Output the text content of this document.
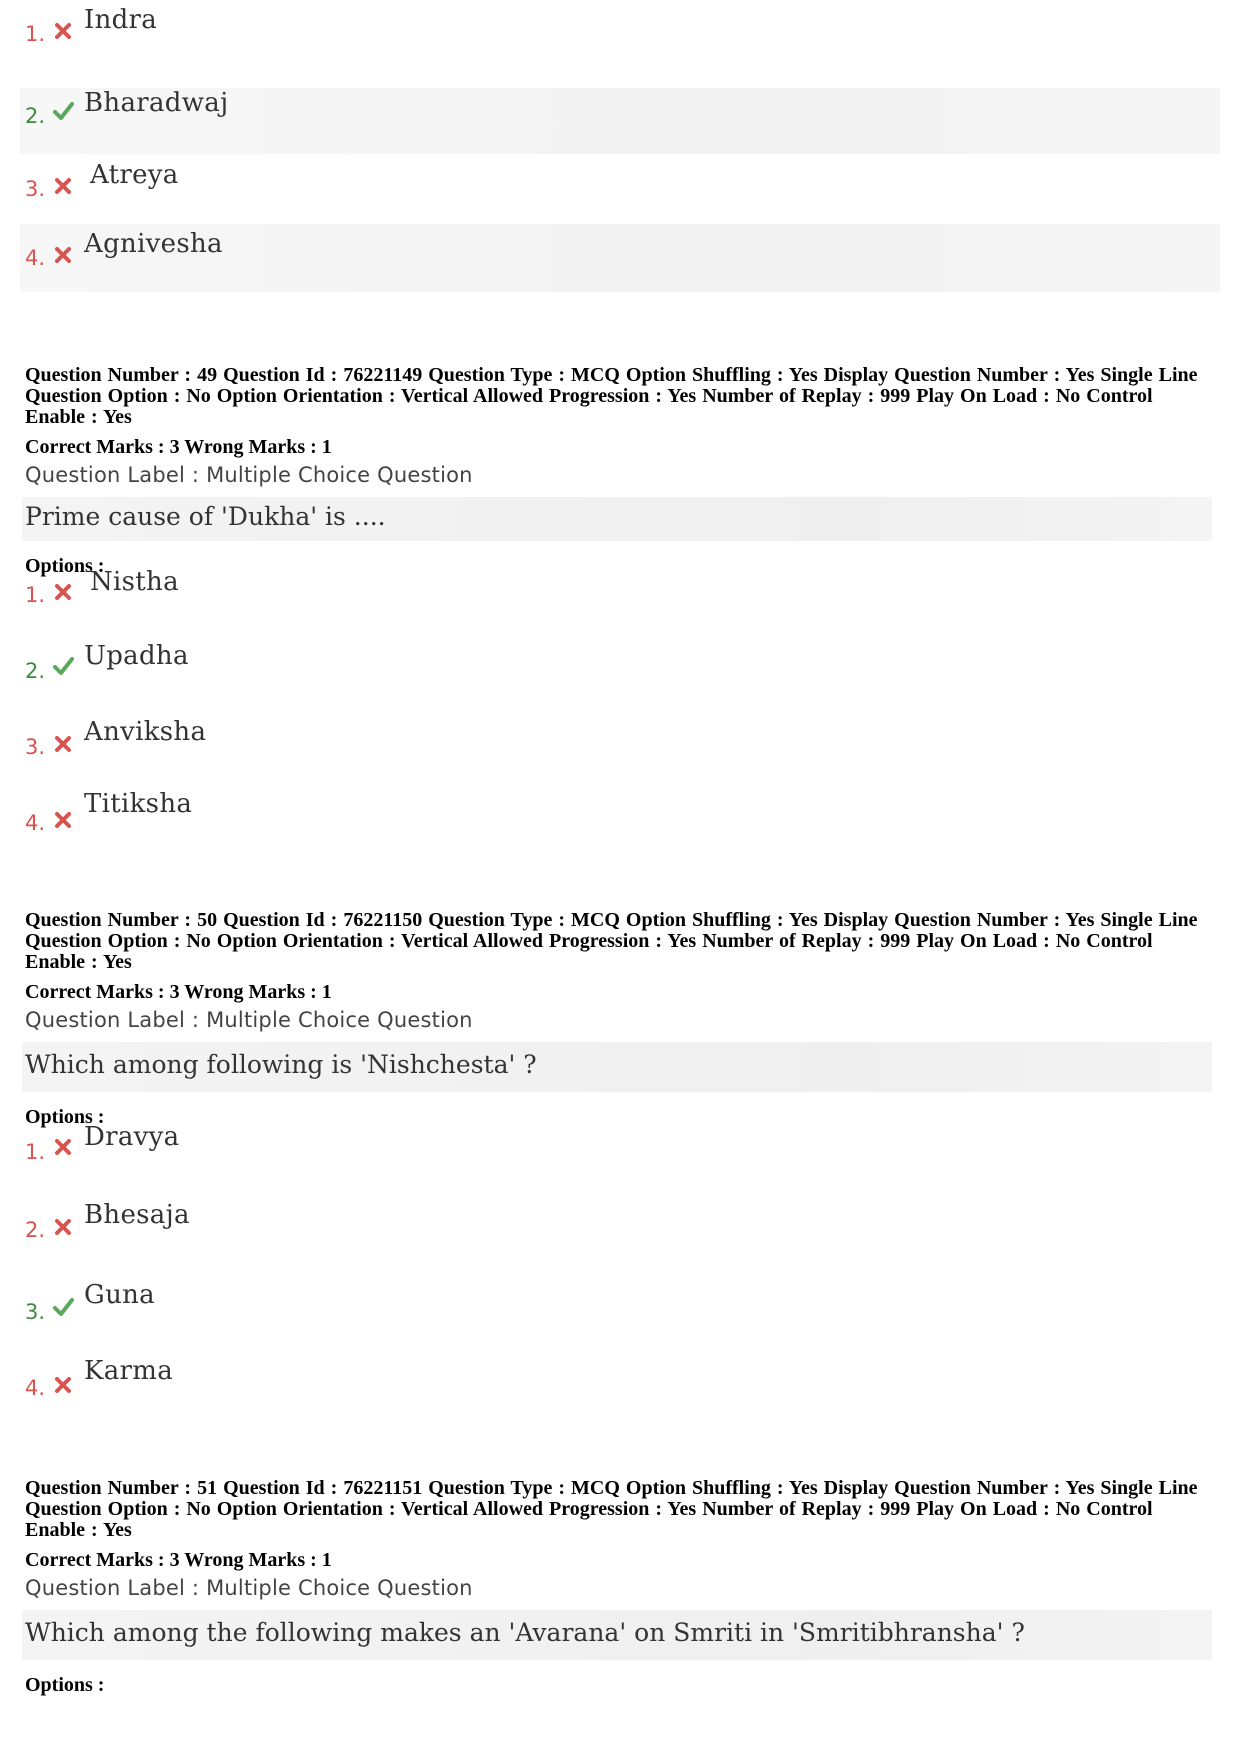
1. Indra
2. Bharadwaj
3. Atreya
4. Agnivesha

Question Number : 49 Question Id : 76221149 Question Type : MCQ Option Shuffling : Yes Display Question Number : Yes Single Line Question Option : No Option Orientation : Vertical Allowed Progression : Yes Number of Replay : 999 Play On Load : No Control Enable : Yes

Correct Marks : 3 Wrong Marks : 1
Question Label : Multiple Choice Question
Prime cause of 'Dukha' is ....
Options :
1. Nistha
2. Upadha
3. Anviksha
4.
Titiksha

Question Number : 50 Question Id : 76221150 Question Type : MCQ Option Shuffling : Yes Display Question Number : Yes Single Line Question Option : No Option Orientation : Vertical Allowed Progression : Yes Number of Replay : 999 Play On Load : No Control Enable : Yes

Correct Marks : 3 Wrong Marks : 1
Question Label : Multiple Choice Question
Which among following is 'Nishchesta' ?
Options :
1. Dravya
2. Bhesaja
3.
Guna
4.
Karma

Question Number : 51 Question Id : 76221151 Question Type : MCQ Option Shuffling : Yes Display Question Number : Yes Single Line Question Option : No Option Orientation : Vertical Allowed Progression : Yes Number of Replay : 999 Play On Load : No Control Enable : Yes

Correct Marks : 3 Wrong Marks : 1
Question Label : Multiple Choice Question
Which among the following makes an 'Avarana' on Smriti in 'Smritibhransha' ?
Options :
